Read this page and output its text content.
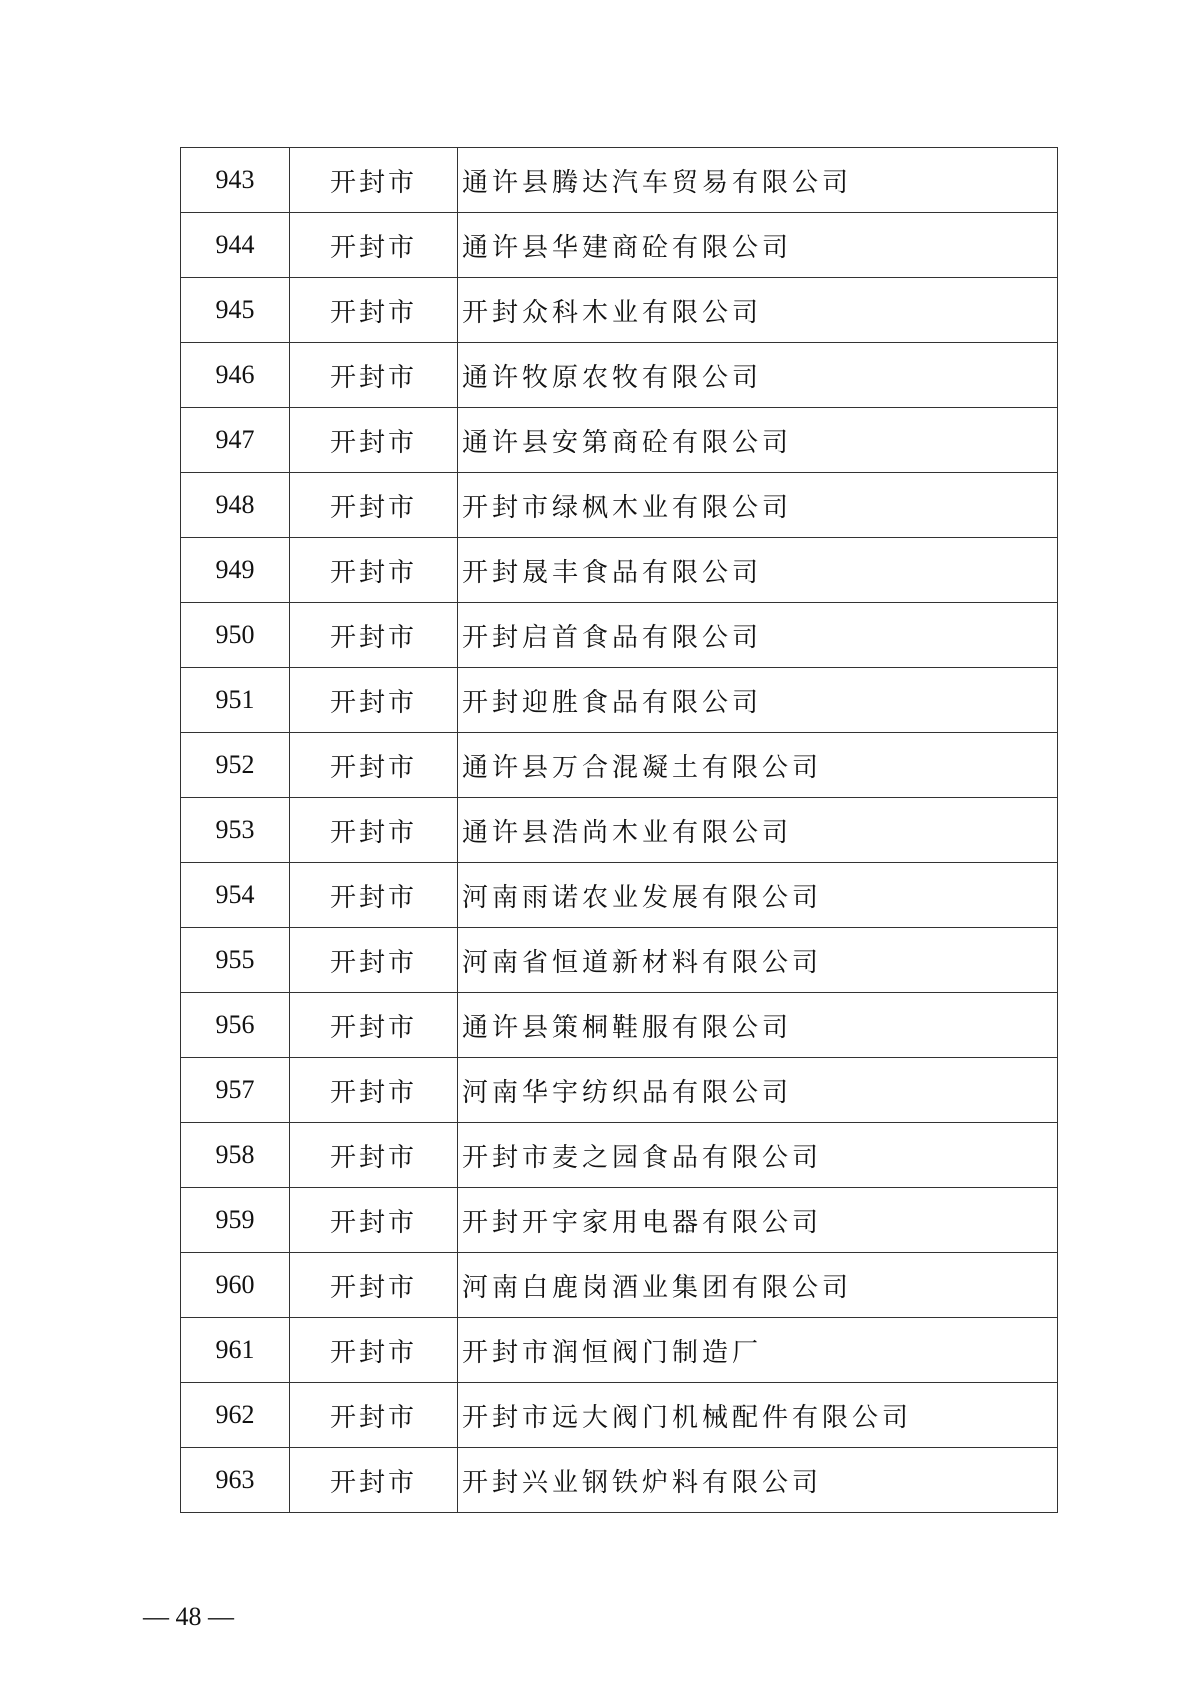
943	开封市	通许县腾达汽车贸易有限公司
944	开封市	通许县华建商砼有限公司
945	开封市	开封众科木业有限公司
946	开封市	通许牧原农牧有限公司
947	开封市	通许县安第商砼有限公司
948	开封市	开封市绿枫木业有限公司
949	开封市	开封晟丰食品有限公司
950	开封市	开封启首食品有限公司
951	开封市	开封迎胜食品有限公司
952	开封市	通许县万合混凝土有限公司
953	开封市	通许县浩尚木业有限公司
954	开封市	河南雨诺农业发展有限公司
955	开封市	河南省恒道新材料有限公司
956	开封市	通许县策桐鞋服有限公司
957	开封市	河南华宇纺织品有限公司
958	开封市	开封市麦之园食品有限公司
959	开封市	开封开宇家用电器有限公司
960	开封市	河南白鹿岗酒业集团有限公司
961	开封市	开封市润恒阀门制造厂
962	开封市	开封市远大阀门机械配件有限公司
963	开封市	开封兴业钢铁炉料有限公司
— 48 —
